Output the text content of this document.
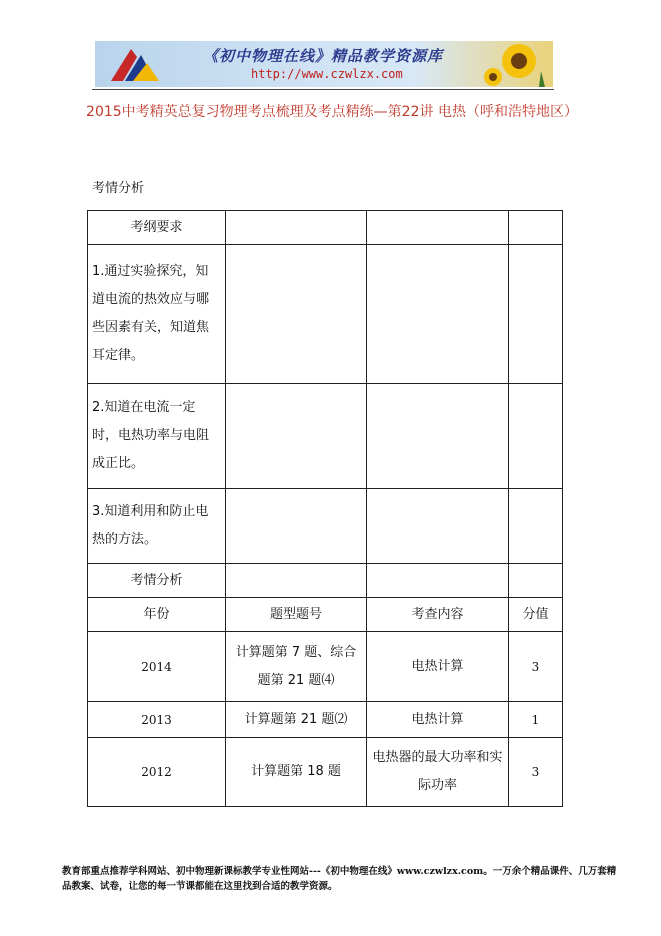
《初中物理在线》精品教学资源库
http://www.czwlzx.com
2015中考精英总复习物理考点梳理及考点精练—第22讲 电热（呼和浩特地区）
考情分析
考纲要求			
1.通过实验探究，知道电流的热效应与哪些因素有关，知道焦耳定律。			
2.知道在电流一定时，电热功率与电阻成正比。			
3.知道利用和防止电热的方法。			
考情分析			
年份	题型题号	考查内容	分值
2014	计算题第 7 题、综合题第 21 题⑷	电热计算	3
2013	计算题第 21 题⑵	电热计算	1
2012	计算题第 18 题	电热器的最大功率和实际功率	3
教育部重点推荐学科网站、初中物理新课标教学专业性网站---《初中物理在线》www.czwlzx.com。一万余个精品课件、几万套精品教案、试卷，让您的每一节课都能在这里找到合适的教学资源。
